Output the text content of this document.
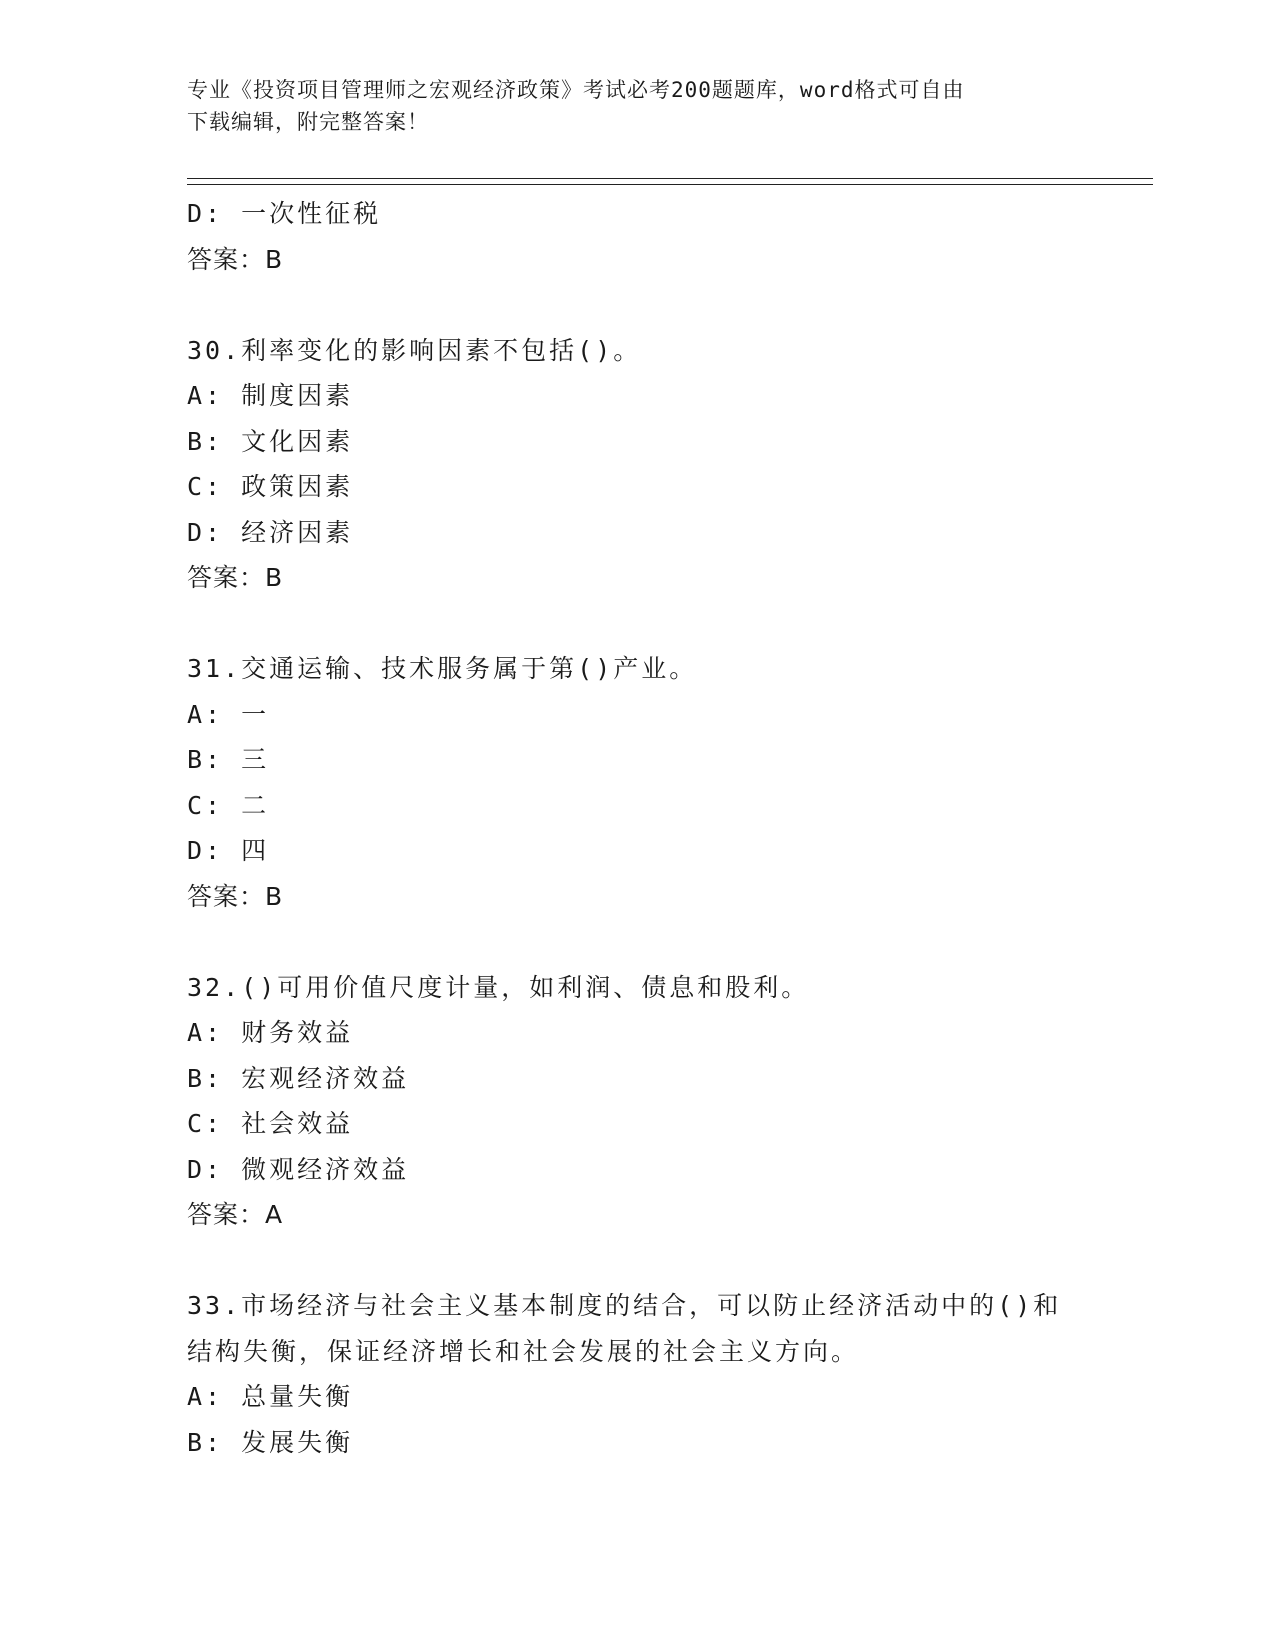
专业《投资项目管理师之宏观经济政策》考试必考200题题库，word格式可自由
下载编辑，附完整答案！
D: 一次性征税
答案：B
30.利率变化的影响因素不包括()。
A: 制度因素
B: 文化因素
C: 政策因素
D: 经济因素
答案：B
31.交通运输、技术服务属于第()产业。
A: 一
B: 三
C: 二
D: 四
答案：B
32.()可用价值尺度计量，如利润、债息和股利。
A: 财务效益
B: 宏观经济效益
C: 社会效益
D: 微观经济效益
答案：A
33.市场经济与社会主义基本制度的结合，可以防止经济活动中的()和
结构失衡，保证经济增长和社会发展的社会主义方向。
A: 总量失衡
B: 发展失衡
